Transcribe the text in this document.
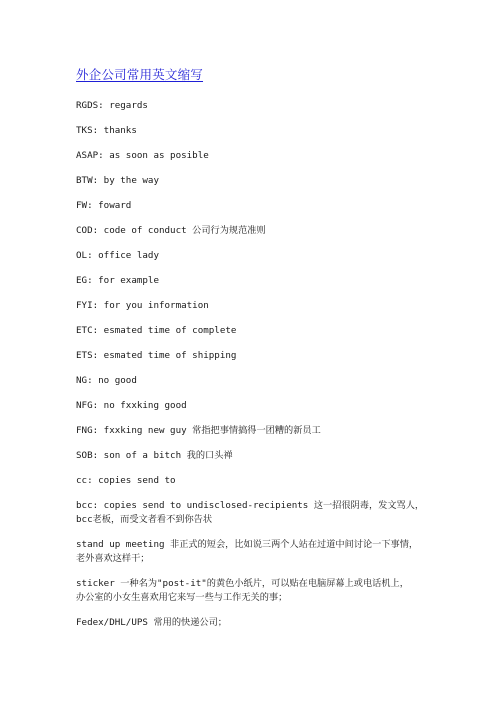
外企公司常用英文缩写
RGDS: regards
TKS: thanks
ASAP: as soon as posible
BTW: by the way
FW: foward
COD: code of conduct 公司行为规范准则
OL: office lady
EG: for example
FYI: for you information
ETC: esmated time of complete
ETS: esmated time of shipping
NG: no good
NFG: no fxxking good
FNG: fxxking new guy 常指把事情搞得一团糟的新员工
SOB: son of a bitch 我的口头禅
cc: copies send to
bcc: copies send to undisclosed-recipients 这一招很阴毒，发文骂人，
bcc老板，而受文者看不到你告状
stand up meeting 非正式的短会，比如说三两个人站在过道中间讨论一下事情，
老外喜欢这样干；
sticker 一种名为"post-it"的黄色小纸片，可以贴在电脑屏幕上或电话机上，
办公室的小女生喜欢用它来写一些与工作无关的事；
Fedex/DHL/UPS 常用的快递公司；
